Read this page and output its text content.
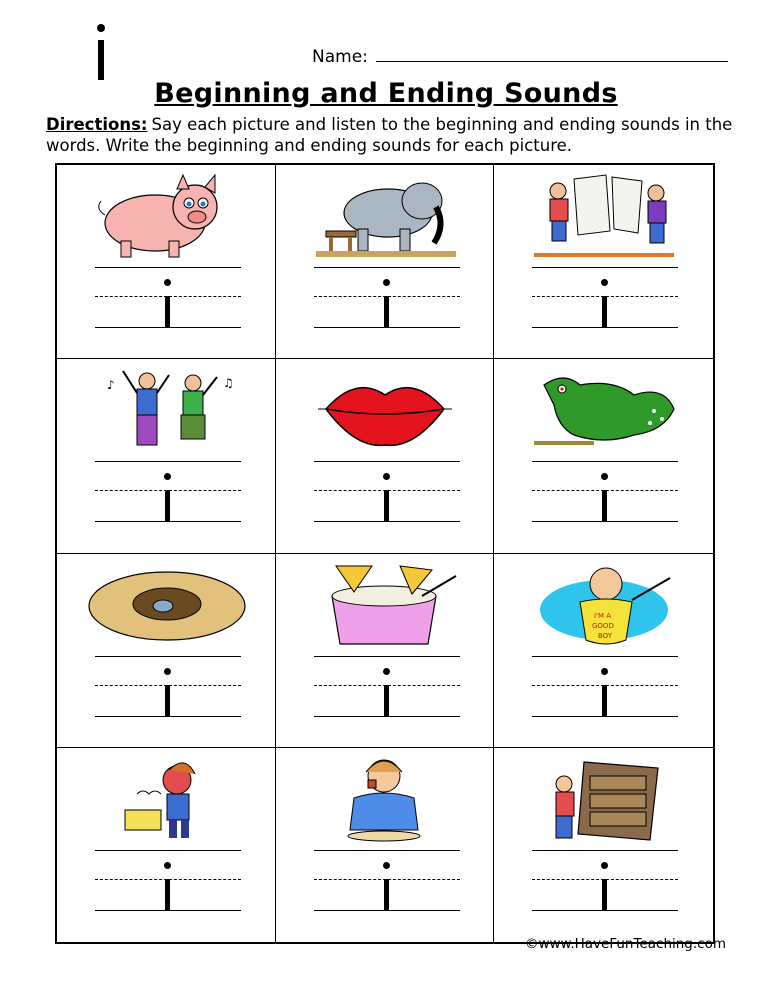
Name:
Beginning and Ending Sounds
Directions: Say each picture and listen to the beginning and ending sounds in the words. Write the beginning and ending sounds for each picture.
♪	♫
I'M A
GOOD
BOY
©www.HaveFunTeaching.com
